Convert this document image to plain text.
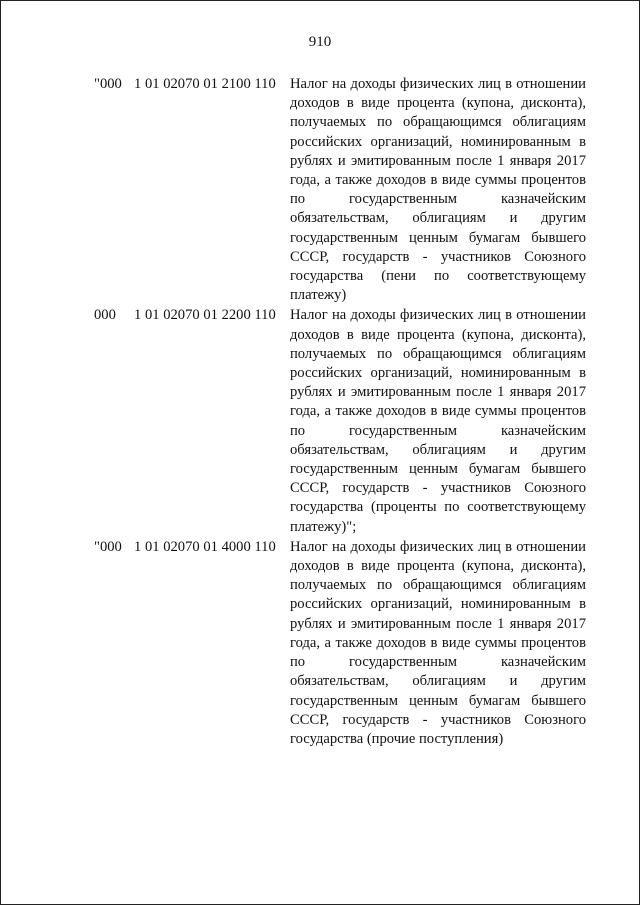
910
"000 1 01 02070 01 2100 110 Налог на доходы физических лиц в отношении доходов в виде процента (купона, дисконта), получаемых по обращающимся облигациям российских организаций, номинированным в рублях и эмитированным после 1 января 2017 года, а также доходов в виде суммы процентов по государственным казначейским обязательствам, облигациям и другим государственным ценным бумагам бывшего СССР, государств - участников Союзного государства (пени по соответствующему платежу)
000	1 01 02070 01 2200 110 Налог на доходы физических лиц в отношении доходов в виде процента (купона, дисконта), получаемых по обращающимся облигациям российских организаций, номинированным в рублях и эмитированным после 1 января 2017 года, а также доходов в виде суммы процентов по государственным казначейским обязательствам, облигациям и другим государственным ценным бумагам бывшего СССР, государств - участников Союзного государства (проценты по соответствующему платежу)";
"000 1 01 02070 01 4000 110 Налог на доходы физических лиц в отношении доходов в виде процента (купона, дисконта), получаемых по обращающимся облигациям российских организаций, номинированным в рублях и эмитированным после 1 января 2017 года, а также доходов в виде суммы процентов по государственным казначейским обязательствам, облигациям и другим государственным ценным бумагам бывшего СССР, государств - участников Союзного государства (прочие поступления)
